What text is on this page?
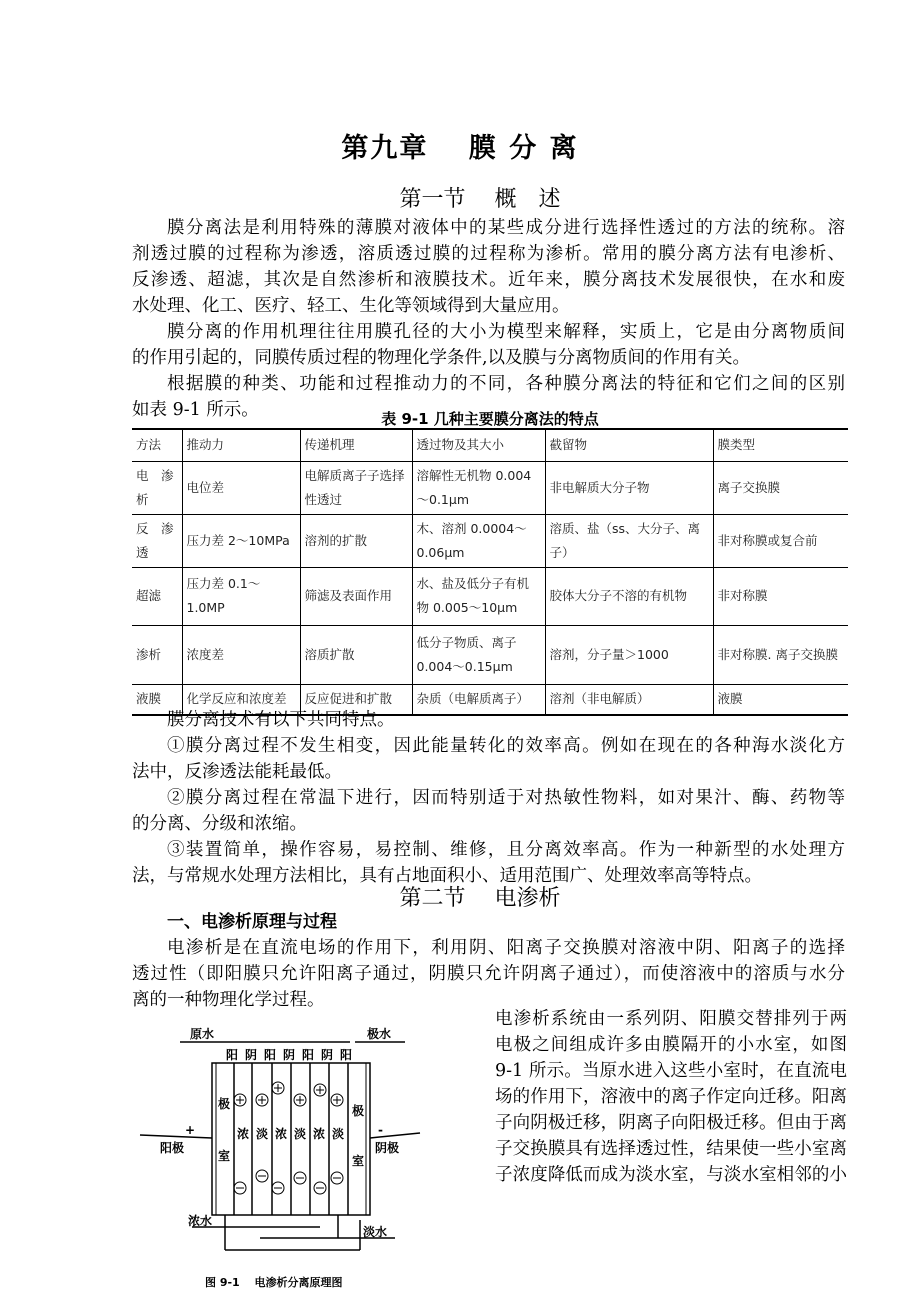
第九章　 膜 分 离
第一节　 概　述
膜分离法是利用特殊的薄膜对液体中的某些成分进行选择性透过的方法的统称。溶
剂透过膜的过程称为渗透，溶质透过膜的过程称为渗析。常用的膜分离方法有电渗析、
反渗透、超滤，其次是自然渗析和液膜技术。近年来，膜分离技术发展很快，在水和废
水处理、化工、医疗、轻工、生化等领域得到大量应用。
膜分离的作用机理往往用膜孔径的大小为模型来解释，实质上，它是由分离物质间
的作用引起的，同膜传质过程的物理化学条件,以及膜与分离物质间的作用有关。
根据膜的种类、功能和过程推动力的不同，各种膜分离法的特征和它们之间的区别
如表 9-1 所示。	表 9-1 几种主要膜分离法的特点
方法	推动力	传递机理	透过物及其大小	截留物	膜类型
电　渗析	电位差	电解质离子子选择性透过	溶解性无机物 0.004～0.1μm	非电解质大分子物	离子交换膜
反　渗透	压力差 2～10MPa	溶剂的扩散	木、溶剂 0.0004～0.06μm	溶质、盐（ss、大分子、离子）	非对称膜或复合前
超滤	压力差 0.1～1.0MP	筛滤及表面作用	水、盐及低分子有机物 0.005～10μm	胶体大分子不溶的有机物	非对称膜
渗析	浓度差	溶质扩散	低分子物质、离子 0.004～0.15μm	溶剂，分子量＞1000	非对称膜. 离子交换膜
液膜	化学反应和浓度差	反应促进和扩散	杂质（电解质离子）	溶剂（非电解质）	液膜
膜分离技术有以下共同特点。
①膜分离过程不发生相变，因此能量转化的效率高。例如在现在的各种海水淡化方
法中，反渗透法能耗最低。
②膜分离过程在常温下进行，因而特别适于对热敏性物料，如对果汁、酶、药物等
的分离、分级和浓缩。
③装置简单，操作容易，易控制、维修，且分离效率高。作为一种新型的水处理方
法，与常规水处理方法相比，具有占地面积小、适用范围广、处理效率高等特点。
第二节　 电渗析
一、电渗析原理与过程
电渗析是在直流电场的作用下，利用阴、阳离子交换膜对溶液中阴、阳离子的选择
透过性（即阳膜只允许阳离子通过，阴膜只允许阴离子通过），而使溶液中的溶质与水分
离的一种物理化学过程。
电渗析系统由一系列阴、阳膜交替排列于两
电极之间组成许多由膜隔开的小水室，如图
9-1 所示。当原水进入这些小室时，在直流电
场的作用下，溶液中的离子作定向迁移。阳离
子向阴极迁移，阴离子向阳极迁移。但由于离
子交换膜具有选择透过性，结果使一些小室离
子浓度降低而成为淡水室，与淡水室相邻的小
原水	极水
阳 阴 阳 阴 阳 阴 阳
极
室
极
室
浓 淡 浓 淡 浓 淡
+
阳极
-
阴极
浓水
淡水
图 9-1　 电渗析分离原理图
